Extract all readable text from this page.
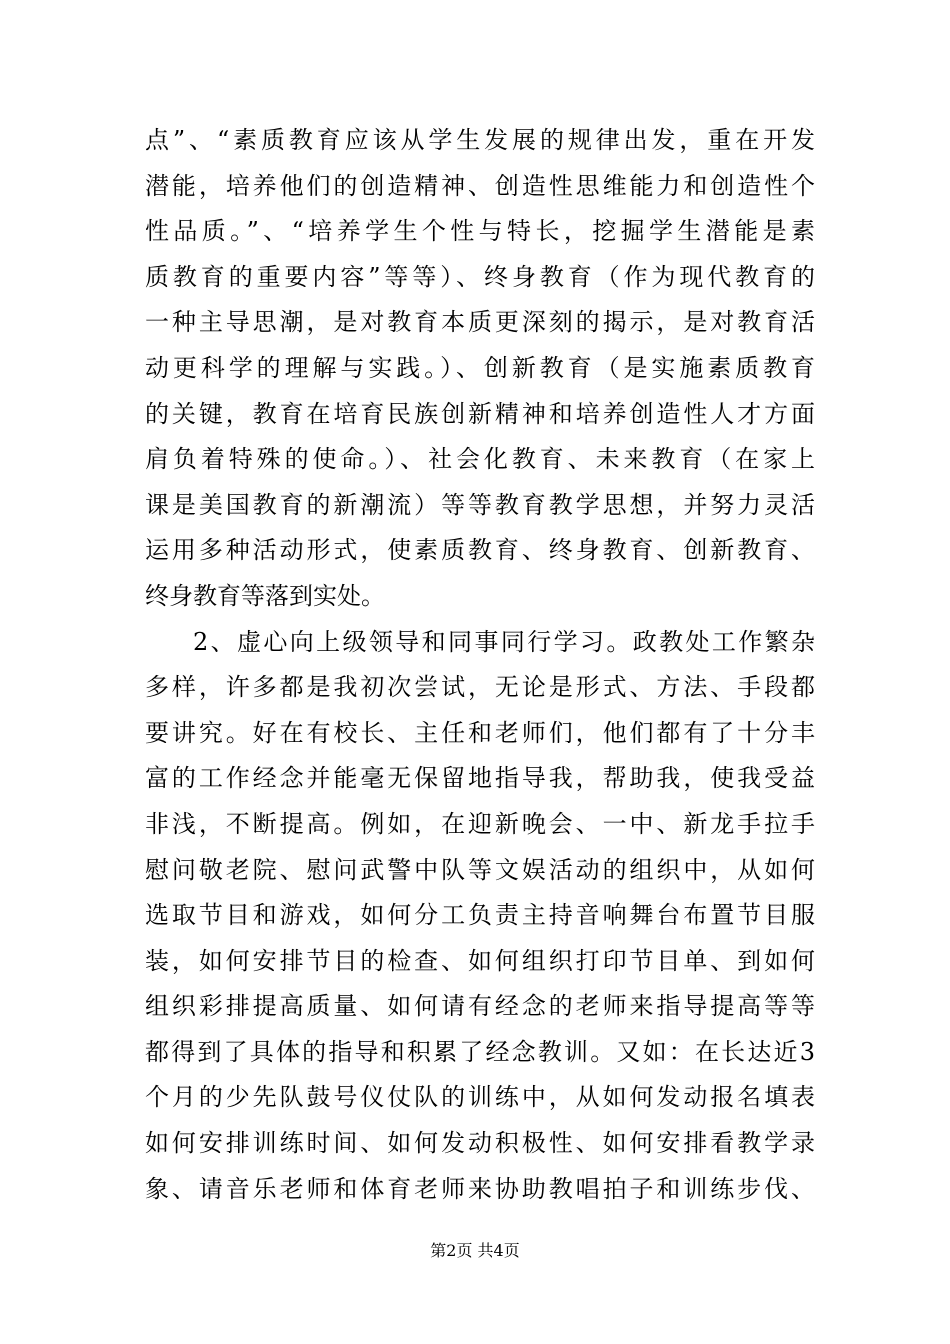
点”、“素质教育应该从学生发展的规律出发，重在开发
潜能，培养他们的创造精神、创造性思维能力和创造性个
性品质。”、“培养学生个性与特长，挖掘学生潜能是素
质教育的重要内容”等等）、终身教育（作为现代教育的
一种主导思潮，是对教育本质更深刻的揭示，是对教育活
动更科学的理解与实践。）、创新教育（是实施素质教育
的关键，教育在培育民族创新精神和培养创造性人才方面
肩负着特殊的使命。）、社会化教育、未来教育（在家上
课是美国教育的新潮流）等等教育教学思想，并努力灵活
运用多种活动形式，使素质教育、终身教育、创新教育、
终身教育等落到实处。
2、虚心向上级领导和同事同行学习。政教处工作繁杂
多样，许多都是我初次尝试，无论是形式、方法、手段都
要讲究。好在有校长、主任和老师们，他们都有了十分丰
富的工作经念并能毫无保留地指导我，帮助我，使我受益
非浅，不断提高。例如，在迎新晚会、一中、新龙手拉手
慰问敬老院、慰问武警中队等文娱活动的组织中，从如何
选取节目和游戏，如何分工负责主持音响舞台布置节目服
装，如何安排节目的检查、如何组织打印节目单、到如何
组织彩排提高质量、如何请有经念的老师来指导提高等等
都得到了具体的指导和积累了经念教训。又如：在长达近3
个月的少先队鼓号仪仗队的训练中，从如何发动报名填表
如何安排训练时间、如何发动积极性、如何安排看教学录
象、请音乐老师和体育老师来协助教唱拍子和训练步伐、
第2页 共4页
